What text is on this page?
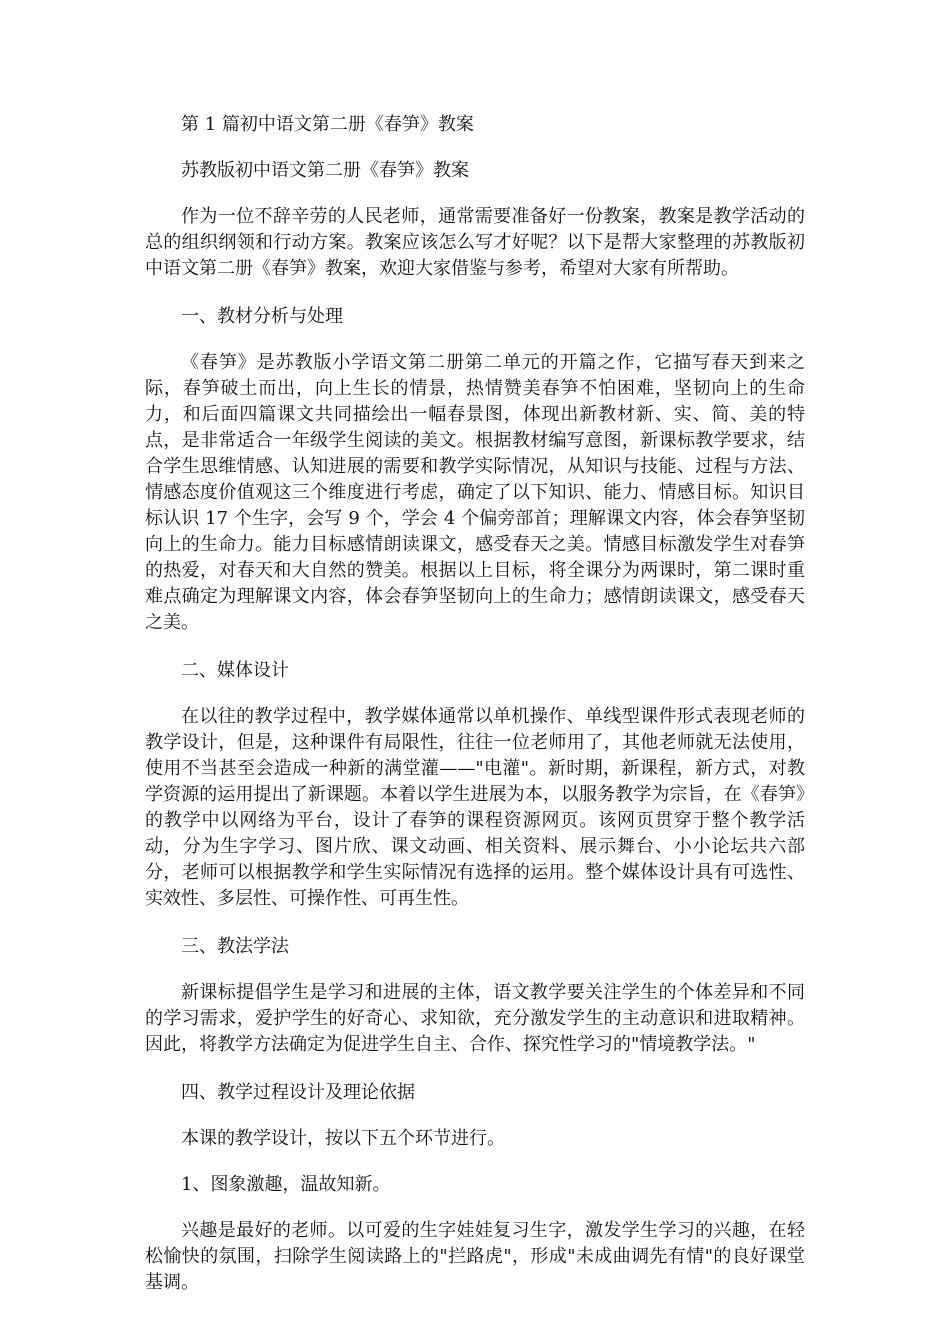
第 1 篇初中语文第二册《春笋》教案
苏教版初中语文第二册《春笋》教案

作为一位不辞辛劳的人民老师，通常需要准备好一份教案，教案是教学活动的总的组织纲领和行动方案。教案应该怎么写才好呢？以下是帮大家整理的苏教版初中语文第二册《春笋》教案，欢迎大家借鉴与参考，希望对大家有所帮助。

一、教材分析与处理

《春笋》是苏教版小学语文第二册第二单元的开篇之作，它描写春天到来之际，春笋破土而出，向上生长的情景，热情赞美春笋不怕困难，坚韧向上的生命力，和后面四篇课文共同描绘出一幅春景图，体现出新教材新、实、简、美的特点，是非常适合一年级学生阅读的美文。根据教材编写意图，新课标教学要求，结合学生思维情感、认知进展的需要和教学实际情况，从知识与技能、过程与方法、情感态度价值观这三个维度进行考虑，确定了以下知识、能力、情感目标。知识目标认识 17 个生字，会写 9 个，学会 4 个偏旁部首；理解课文内容，体会春笋坚韧向上的生命力。能力目标感情朗读课文，感受春天之美。情感目标激发学生对春笋的热爱，对春天和大自然的赞美。根据以上目标，将全课分为两课时，第二课时重难点确定为理解课文内容，体会春笋坚韧向上的生命力；感情朗读课文，感受春天之美。

二、媒体设计

在以往的教学过程中，教学媒体通常以单机操作、单线型课件形式表现老师的教学设计，但是，这种课件有局限性，往往一位老师用了，其他老师就无法使用，使用不当甚至会造成一种新的满堂灌——"电灌"。新时期，新课程，新方式，对教学资源的运用提出了新课题。本着以学生进展为本，以服务教学为宗旨，在《春笋》的教学中以网络为平台，设计了春笋的课程资源网页。该网页贯穿于整个教学活动，分为生字学习、图片欣、课文动画、相关资料、展示舞台、小小论坛共六部分，老师可以根据教学和学生实际情况有选择的运用。整个媒体设计具有可选性、实效性、多层性、可操作性、可再生性。

三、教法学法

新课标提倡学生是学习和进展的主体，语文教学要关注学生的个体差异和不同的学习需求，爱护学生的好奇心、求知欲，充分激发学生的主动意识和进取精神。因此，将教学方法确定为促进学生自主、合作、探究性学习的"情境教学法。"

四、教学过程设计及理论依据

本课的教学设计，按以下五个环节进行。

1、图象激趣，温故知新。

兴趣是最好的老师。以可爱的生字娃娃复习生字，激发学生学习的兴趣，在轻松愉快的氛围，扫除学生阅读路上的"拦路虎"，形成"未成曲调先有情"的良好课堂基调。
